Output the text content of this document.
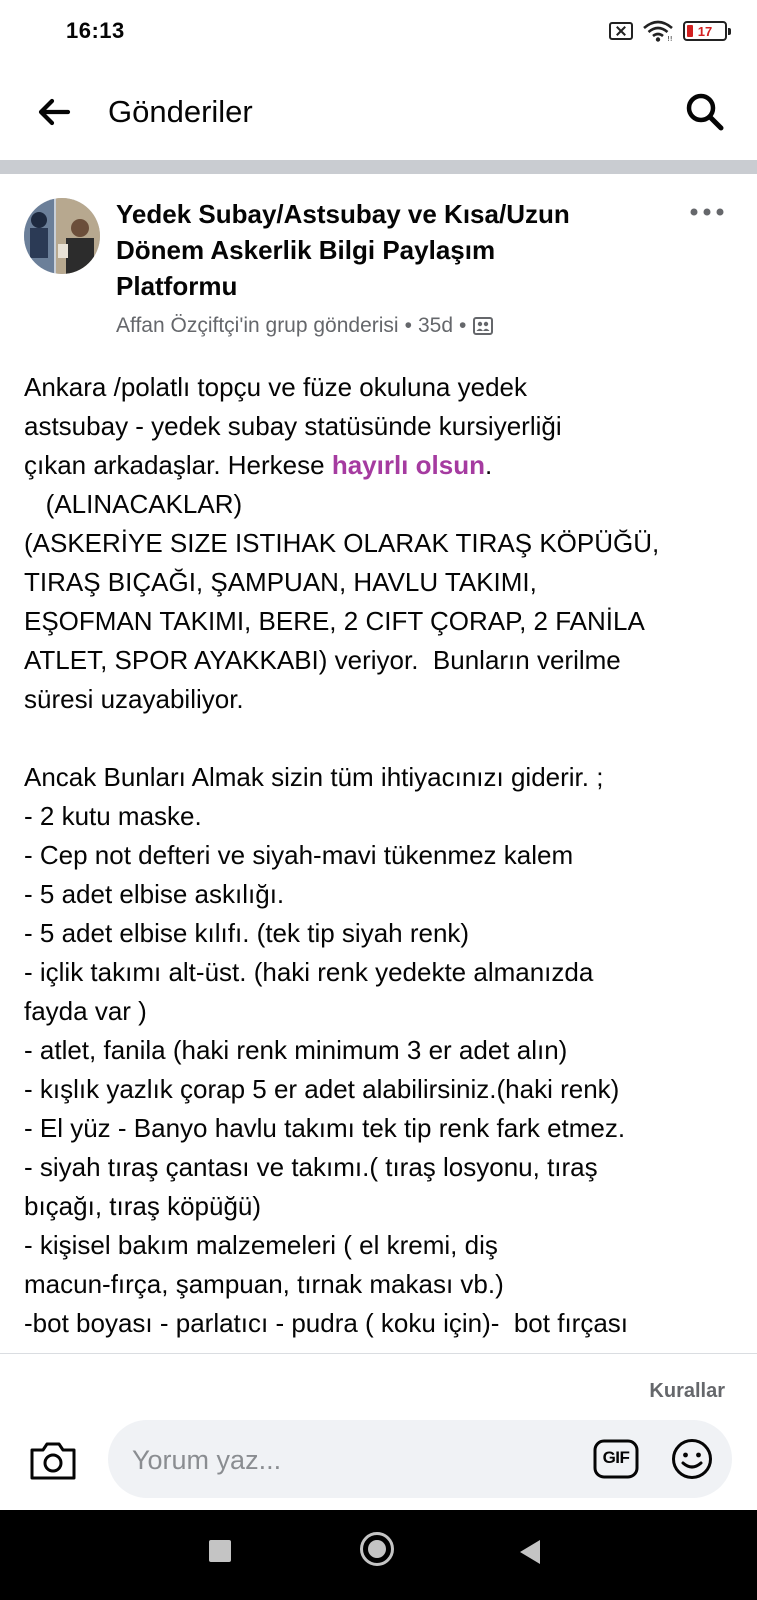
16:13	!!
17
Gönderiler
Yedek Subay/Astsubay ve Kısa/Uzun
Dönem Askerlik Bilgi Paylaşım
Platformu
Affan Özçiftçi'in grup gönderisi • 35d •
Ankara /polatlı topçu ve füze okuluna yedek
astsubay - yedek subay statüsünde kursiyerliği
çıkan arkadaşlar. Herkese hayırlı olsun.
(ALINACAKLAR)
(ASKERİYE SIZE ISTIHAK OLARAK TIRAŞ KÖPÜĞÜ,
TIRAŞ BIÇAĞI, ŞAMPUAN, HAVLU TAKIMI,
EŞOFMAN TAKIMI, BERE, 2 CIFT ÇORAP, 2 FANİLA
ATLET, SPOR AYAKKABI) veriyor.  Bunların verilme
süresi uzayabiliyor.
Ancak Bunları Almak sizin tüm ihtiyacınızı giderir. ;
- 2 kutu maske.
- Cep not defteri ve siyah-mavi tükenmez kalem
- 5 adet elbise askılığı.
- 5 adet elbise kılıfı. (tek tip siyah renk)
- içlik takımı alt-üst. (haki renk yedekte almanızda
fayda var )
- atlet, fanila (haki renk minimum 3 er adet alın)
- kışlık yazlık çorap 5 er adet alabilirsiniz.(haki renk)
- El yüz - Banyo havlu takımı tek tip renk fark etmez.
- siyah tıraş çantası ve takımı.( tıraş losyonu, tıraş
bıçağı, tıraş köpüğü)
- kişisel bakım malzemeleri ( el kremi, diş
macun-fırça, şampuan, tırnak makası vb.)
-bot boyası - parlatıcı - pudra ( koku için)-  bot fırçası
Kurallar
Yorum yaz...
GIF
